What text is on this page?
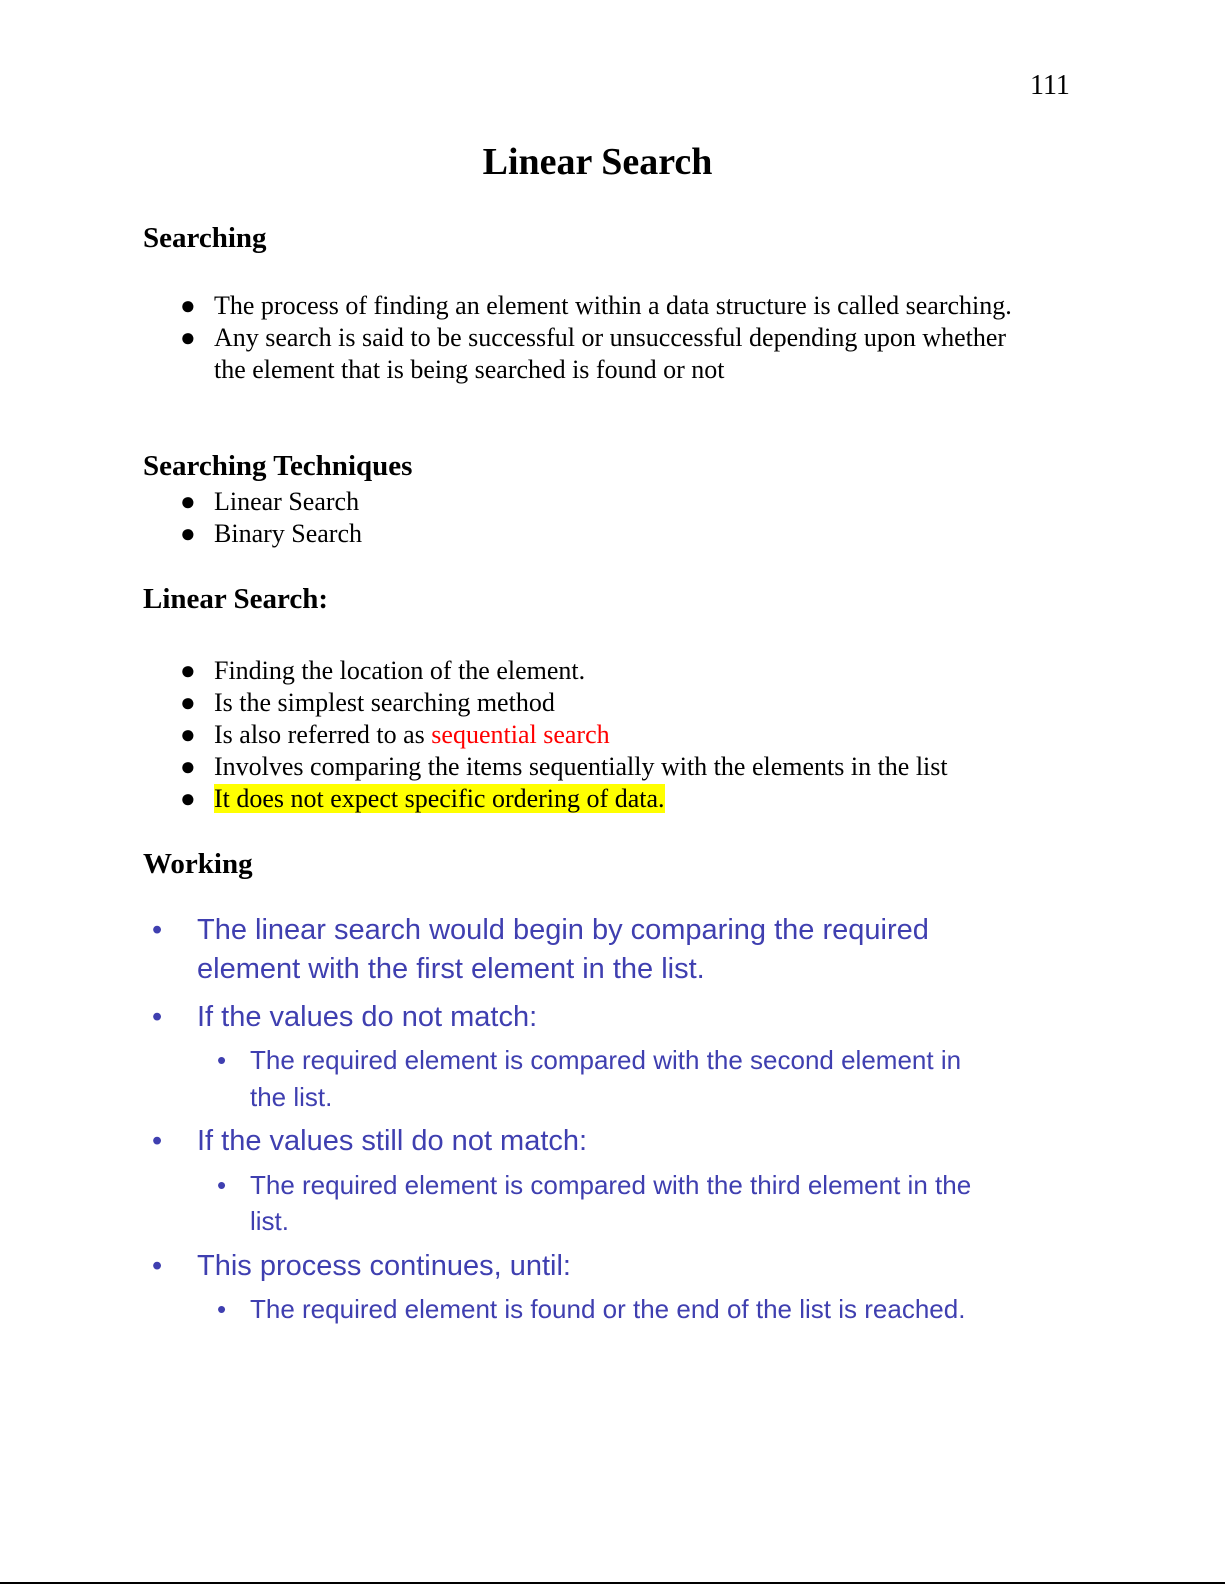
111
Linear Search
Searching
● The process of finding an element within a data structure is called searching.
● Any search is said to be successful or unsuccessful depending upon whether the element that is being searched is found or not
Searching Techniques
● Linear Search
● Binary Search
Linear Search:
● Finding the location of the element.
● Is the simplest searching method
● Is also referred to as sequential search
● Involves comparing the items sequentially with the elements in the list
● It does not expect specific ordering of data.
Working
• The linear search would begin by comparing the required
element with the first element in the list.
• If the values do not match:
• The required element is compared with the second element in
the list.
• If the values still do not match:
• The required element is compared with the third element in the
list.
• This process continues, until:
• The required element is found or the end of the list is reached.
